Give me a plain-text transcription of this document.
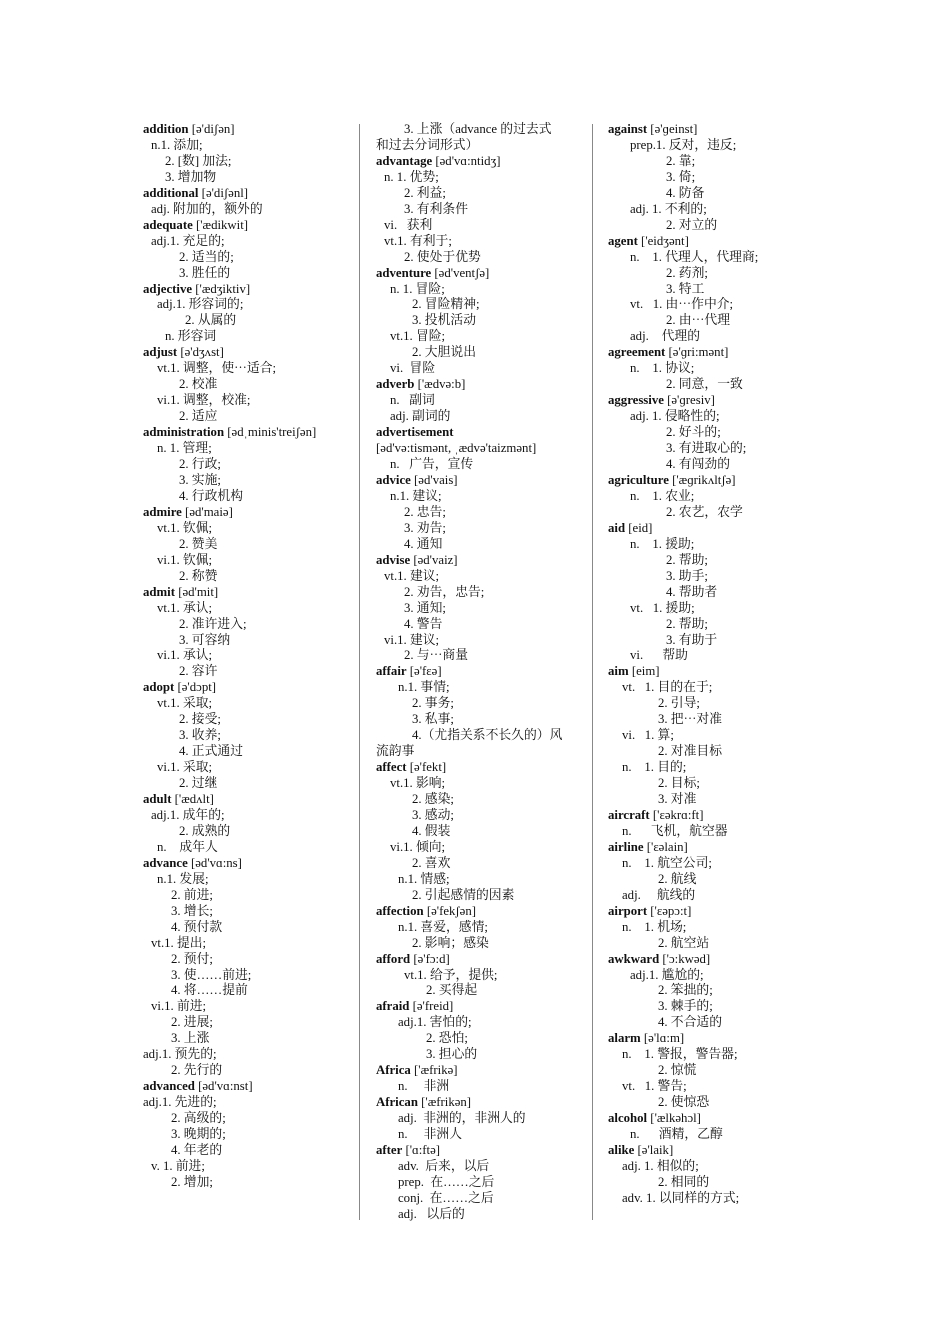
addition [ə'diʃən]
n.1. 添加;
2. [数] 加法;
3. 增加物
additional [ə'diʃənl]
adj. 附加的，额外的
adequate ['ædikwit]
adj.1. 充足的;
2. 适当的;
3. 胜任的
adjective ['ædʒiktiv]
adj.1. 形容词的;
2. 从属的
n. 形容词
adjust [ə'dʒʌst]
vt.1. 调整，使⋯适合;
2. 校准
vi.1. 调整，校准;
2. 适应
administration [ədˌminis'treiʃən]
n. 1. 管理;
2. 行政;
3. 实施;
4. 行政机构
admire [əd'maiə]
vt.1. 钦佩;
2. 赞美
vi.1. 钦佩;
2. 称赞
admit [əd'mit]
vt.1. 承认;
2. 准许进入;
3. 可容纳
vi.1. 承认;
2. 容许
adopt [ə'dɔpt]
vt.1. 采取;
2. 接受;
3. 收养;
4. 正式通过
vi.1. 采取;
2. 过继
adult ['ædʌlt]
adj.1. 成年的;
2. 成熟的
n.    成年人
advance [əd'vɑ:ns]
n.1. 发展;
2. 前进;
3. 增长;
4. 预付款
vt.1. 提出;
2. 预付;
3. 使……前进;
4. 将……提前
vi.1. 前进;
2. 进展;
3. 上涨
adj.1. 预先的;
2. 先行的
advanced [əd'vɑ:nst]
adj.1. 先进的;
2. 高级的;
3. 晚期的;
4. 年老的
v. 1. 前进;
2. 增加;
3. 上涨（advance 的过去式
和过去分词形式）
advantage [əd'vɑ:ntidʒ]
n. 1. 优势;
2. 利益;
3. 有利条件
vi.   获利
vt.1. 有利于;
2. 使处于优势
adventure [əd'ventʃə]
n. 1. 冒险;
2. 冒险精神;
3. 投机活动
vt.1. 冒险;
2. 大胆说出
vi.  冒险
adverb ['ædvə:b]
n.   副词
adj. 副词的
advertisement
[əd'və:tismənt, ˌædvə'taizmənt]
n.   广告，宣传
advice [əd'vais]
n.1. 建议;
2. 忠告;
3. 劝告;
4. 通知
advise [əd'vaiz]
vt.1. 建议;
2. 劝告，忠告;
3. 通知;
4. 警告
vi.1. 建议;
2. 与⋯商量
affair [ə'fɛə]
n.1. 事情;
2. 事务;
3. 私事;
4.（尤指关系不长久的）风
流韵事
affect [ə'fekt]
vt.1. 影响;
2. 感染;
3. 感动;
4. 假装
vi.1. 倾向;
2. 喜欢
n.1. 情感;
2. 引起感情的因素
affection [ə'fekʃən]
n.1. 喜爱，感情;
2. 影响；感染
afford [ə'fɔ:d]
vt.1. 给予，提供;
2. 买得起
afraid [ə'freid]
adj.1. 害怕的;
2. 恐怕;
3. 担心的
Africa ['æfrikə]
n.     非洲
African ['æfrikən]
adj.  非洲的，非洲人的
n.     非洲人
after ['ɑ:ftə]
adv.  后来，以后
prep.  在……之后
conj.  在……之后
adj.   以后的
against [ə'ɡeinst]
prep.1. 反对，违反;
2. 靠;
3. 倚;
4. 防备
adj. 1. 不利的;
2. 对立的
agent ['eidʒənt]
n.    1. 代理人，代理商;
2. 药剂;
3. 特工
vt.   1. 由⋯作中介;
2. 由⋯代理
adj.    代理的
agreement [ə'ɡri:mənt]
n.    1. 协议;
2. 同意，一致
aggressive [ə'ɡresiv]
adj. 1. 侵略性的;
2. 好斗的;
3. 有进取心的;
4. 有闯劲的
agriculture ['æɡrikʌltʃə]
n.    1. 农业;
2. 农艺，农学
aid [eid]
n.    1. 援助;
2. 帮助;
3. 助手;
4. 帮助者
vt.   1. 援助;
2. 帮助;
3. 有助于
vi.      帮助
aim [eim]
vt.   1. 目的在于;
2. 引导;
3. 把⋯对准
vi.   1. 算;
2. 对准目标
n.    1. 目的;
2. 目标;
3. 对准
aircraft ['ɛəkrɑ:ft]
n.      飞机，航空器
airline ['ɛəlain]
n.    1. 航空公司;
2. 航线
adj.     航线的
airport ['ɛəpɔ:t]
n.    1. 机场;
2. 航空站
awkward ['ɔ:kwəd]
adj.1. 尴尬的;
2. 笨拙的;
3. 棘手的;
4. 不合适的
alarm [ə'lɑ:m]
n.    1. 警报，警告器;
2. 惊慌
vt.   1. 警告;
2. 使惊恐
alcohol ['ælkəhɔl]
n.      酒精，乙醇
alike [ə'laik]
adj. 1. 相似的;
2. 相同的
adv. 1. 以同样的方式;
